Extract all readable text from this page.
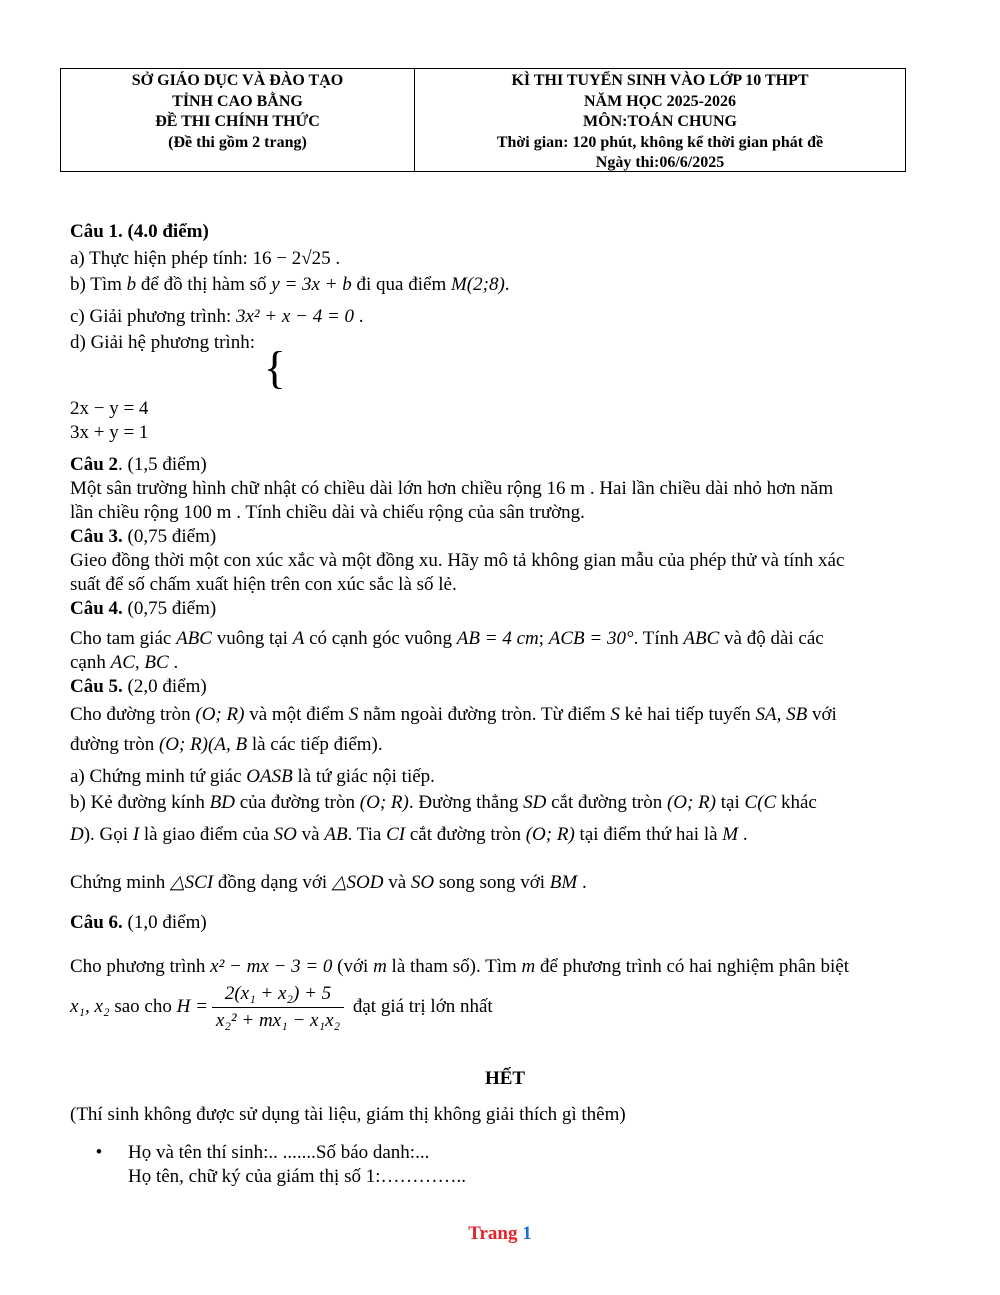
SỞ GIÁO DỤC VÀ ĐÀO TẠO
TỈNH CAO BẰNG
ĐỀ THI CHÍNH THỨC
(Đề thi gồm 2 trang)
KÌ THI TUYỂN SINH VÀO LỚP 10 THPT
NĂM HỌC 2025-2026
MÔN:TOÁN CHUNG
Thời gian: 120 phút, không kể thời gian phát đề
Ngày thi:06/6/2025

Câu 1. (4.0 điểm)

a) Thực hiện phép tính: 16 − 2√25 .

b) Tìm b để đồ thị hàm số y = 3x + b đi qua điểm M(2;8).

c) Giải phương trình: 3x² + x − 4 = 0 .

d) Giải hệ phương trình: {

2x − y = 4
3x + y = 1

Câu 2. (1,5 điểm)

Một sân trường hình chữ nhật có chiều dài lớn hơn chiều rộng 16 m . Hai lần chiều dài nhỏ hơn năm

lần chiều rộng 100 m . Tính chiều dài và chiếu rộng của sân trường.

Câu 3. (0,75 điểm)

Gieo đồng thời một con xúc xắc và một đồng xu. Hãy mô tả không gian mẫu của phép thử và tính xác

suất để số chấm xuất hiện trên con xúc sắc là số lẻ.

Câu 4. (0,75 điểm)

Cho tam giác ABC vuông tại A có cạnh góc vuông AB = 4 cm; ACB = 30°. Tính ABC và độ dài các

cạnh AC, BC .

Câu 5. (2,0 điểm)

Cho đường tròn (O; R) và một điểm S nằm ngoài đường tròn. Từ điểm S kẻ hai tiếp tuyến SA, SB với

đường tròn (O; R)(A, B là các tiếp điểm).

a) Chứng minh tứ giác OASB là tứ giác nội tiếp.

b) Kẻ đường kính BD của đường tròn (O; R). Đường thẳng SD cắt đường tròn (O; R) tại C(C khác

D). Gọi I là giao điểm của SO và AB. Tia CI cắt đường tròn (O; R) tại điểm thứ hai là M .

Chứng minh △SCI đồng dạng với △SOD và SO song song với BM .

Câu 6. (1,0 điểm)

Cho phương trình x² − mx − 3 = 0 (với m là tham số). Tìm m để phương trình có hai nghiệm phân biệt

x₁, x₂ sao cho $H = \frac{\text{2(x₁ + x₂) + 5}}{\text{x₂² + mx₁ − x₁x₂}}$ đạt giá trị lớn nhất

HẾT

(Thí sinh không được sử dụng tài liệu, giám thị không giải thích gì thêm)

•	Họ và tên thí sinh:.. .......Số báo danh:...
Họ tên, chữ ký của giám thị số 1:…………..
Trang 1
